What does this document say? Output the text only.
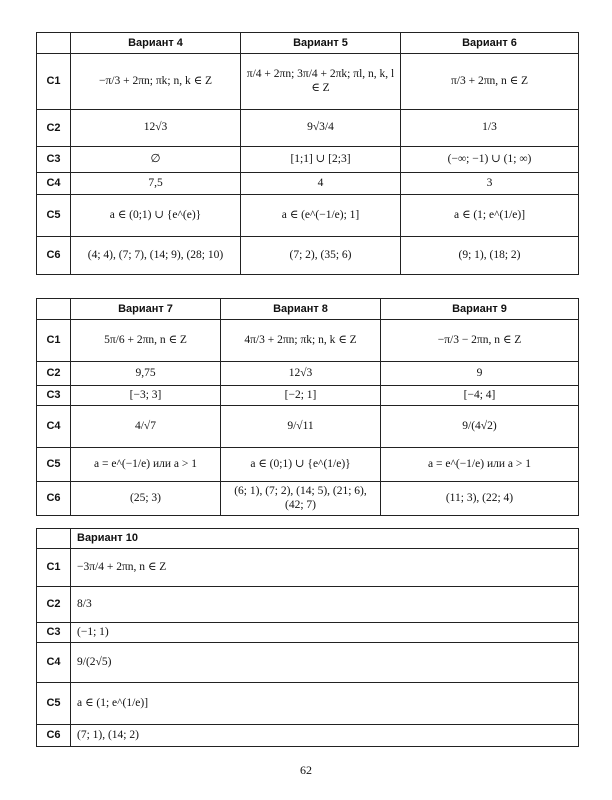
	Вариант 4	Вариант 5	Вариант 6
C1	−π/3 + 2πn; πk; n, k ∈ Z	π/4 + 2πn; 3π/4 + 2πk; πl, n, k, l ∈ Z	π/3 + 2πn, n ∈ Z
C2	12√3	9√3/4	1/3
C3	∅	[1;1] ∪ [2;3]	(−∞; −1) ∪ (1; ∞)
C4	7,5	4	3
C5	a ∈ (0;1) ∪ {e^(e)}	a ∈ (e^(−1/e); 1]	a ∈ (1; e^(1/e)]
C6	(4; 4), (7; 7), (14; 9), (28; 10)	(7; 2), (35; 6)	(9; 1), (18; 2)
	Вариант 7	Вариант 8	Вариант 9
C1	5π/6 + 2πn, n ∈ Z	4π/3 + 2πn; πk; n, k ∈ Z	−π/3 − 2πn, n ∈ Z
C2	9,75	12√3	9
C3	[−3; 3]	[−2; 1]	[−4; 4]
C4	4/√7	9/√11	9/(4√2)
C5	a = e^(−1/e) или a > 1	a ∈ (0;1) ∪ {e^(1/e)}	a = e^(−1/e) или a > 1
C6	(25; 3)	(6; 1), (7; 2), (14; 5), (21; 6), (42; 7)	(11; 3), (22; 4)
	Вариант 10
C1	−3π/4 + 2πn, n ∈ Z
C2	8/3
C3	(−1; 1)
C4	9/(2√5)
C5	a ∈ (1; e^(1/e)]
C6	(7; 1), (14; 2)
62
